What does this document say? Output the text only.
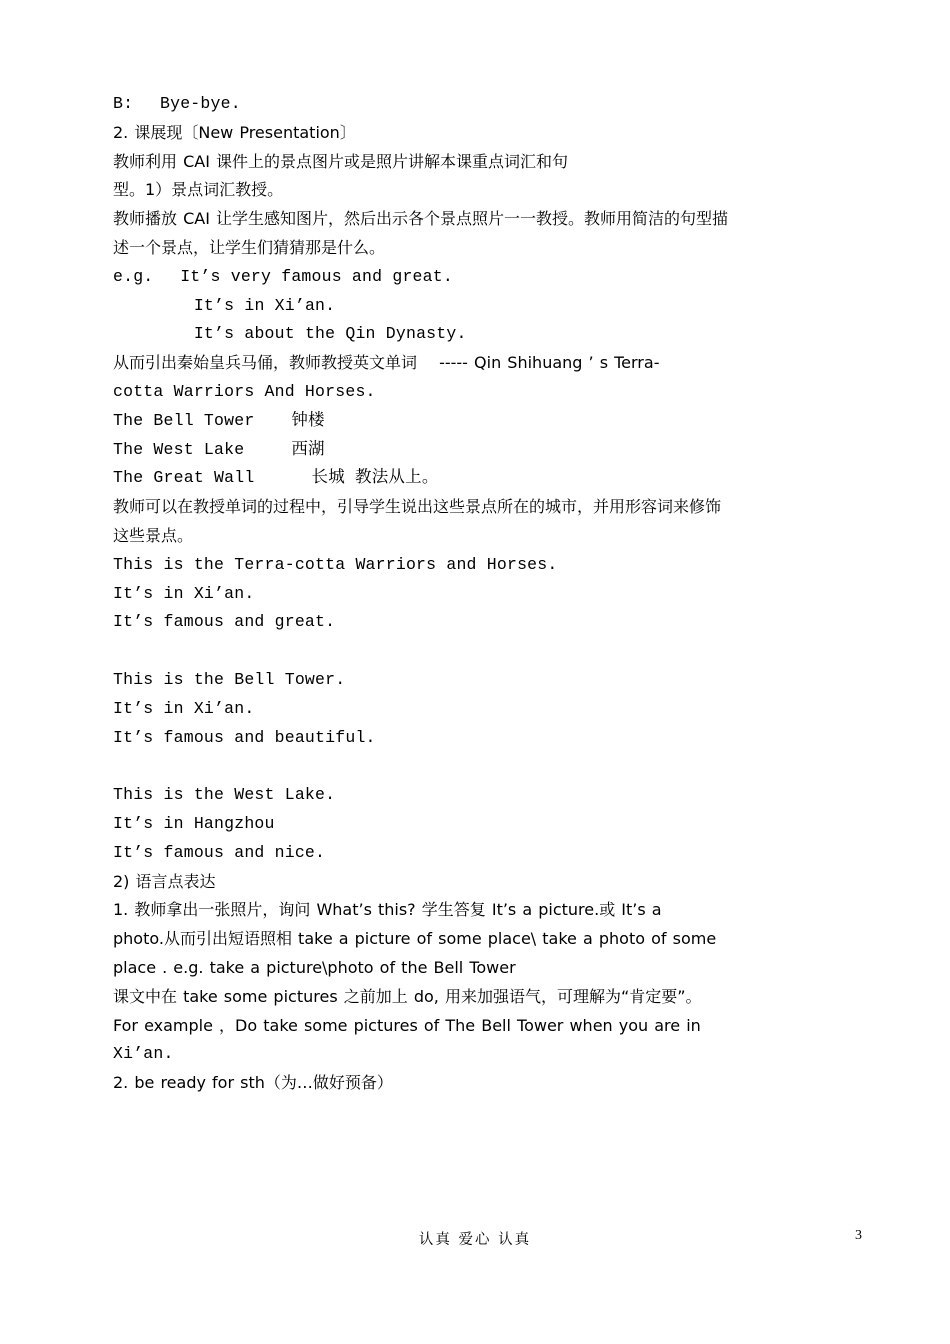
B:　 Bye-bye.
2. 课展现〔New Presentation〕
教师利用 CAI 课件上的景点图片或是照片讲解本课重点词汇和句
型。1）景点词汇教授。
教师播放 CAI 让学生感知图片，然后出示各个景点照片一一教授。教师用简洁的句型描
述一个景点，让学生们猜猜那是什么。
e.g.　 It’s very famous and great.
It’s in Xi’an.
It’s about the Qin Dynasty.
从而引出秦始皇兵马俑，教师教授英文单词　 ----- Qin Shihuang ’ s Terra-
cotta Warriors And Horses.
The Bell Tower　  钟楼
The West Lake　   西湖
The Great Wall　    长城 教法从上。
教师可以在教授单词的过程中，引导学生说出这些景点所在的城市，并用形容词来修饰
这些景点。
This is the Terra-cotta Warriors and Horses.
It’s in Xi’an.
It’s famous and great.
This is the Bell Tower.
It’s in Xi’an.
It’s famous and beautiful.
This is the West Lake.
It’s in Hangzhou
It’s famous and nice.
2) 语言点表达
1. 教师拿出一张照片，询问 What’s this? 学生答复 It’s a picture.或 It’s a
photo.从而引出短语照相 take a picture of some place\ take a photo of some
place . e.g. take a picture\photo of the Bell Tower
课文中在 take some pictures 之前加上 do, 用来加强语气，可理解为“肯定要”。
For example ，Do take some pictures of The Bell Tower when you are in
Xi’an.
2. be ready for sth（为…做好预备）
认真 爱心 认真	3
